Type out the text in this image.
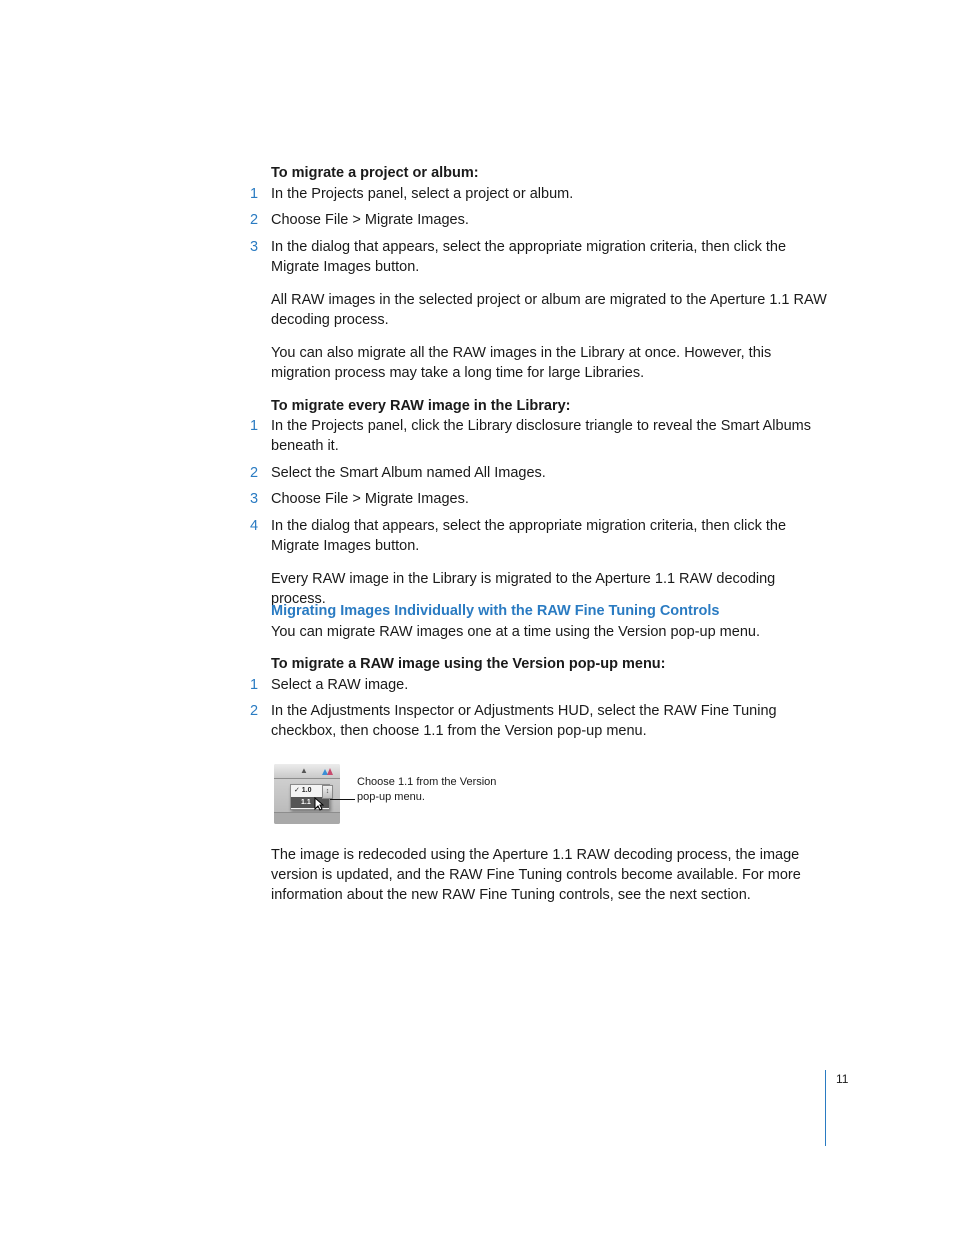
To migrate a project or album:
1 In the Projects panel, select a project or album.
2 Choose File > Migrate Images.
3 In the dialog that appears, select the appropriate migration criteria, then click the Migrate Images button.
All RAW images in the selected project or album are migrated to the Aperture 1.1 RAW decoding process.
You can also migrate all the RAW images in the Library at once. However, this migration process may take a long time for large Libraries.
To migrate every RAW image in the Library:
1 In the Projects panel, click the Library disclosure triangle to reveal the Smart Albums beneath it.
2 Select the Smart Album named All Images.
3 Choose File > Migrate Images.
4 In the dialog that appears, select the appropriate migration criteria, then click the Migrate Images button.
Every RAW image in the Library is migrated to the Aperture 1.1 RAW decoding process.
Migrating Images Individually with the RAW Fine Tuning Controls
You can migrate RAW images one at a time using the Version pop-up menu.
To migrate a RAW image using the Version pop-up menu:
1 Select a RAW image.
2 In the Adjustments Inspector or Adjustments HUD, select the RAW Fine Tuning checkbox, then choose 1.1 from the Version pop-up menu.
▲
✓ 1.0
1.1
↕
Choose 1.1 from the Version pop-up menu.
The image is redecoded using the Aperture 1.1 RAW decoding process, the image version is updated, and the RAW Fine Tuning controls become available. For more information about the new RAW Fine Tuning controls, see the next section.
11
